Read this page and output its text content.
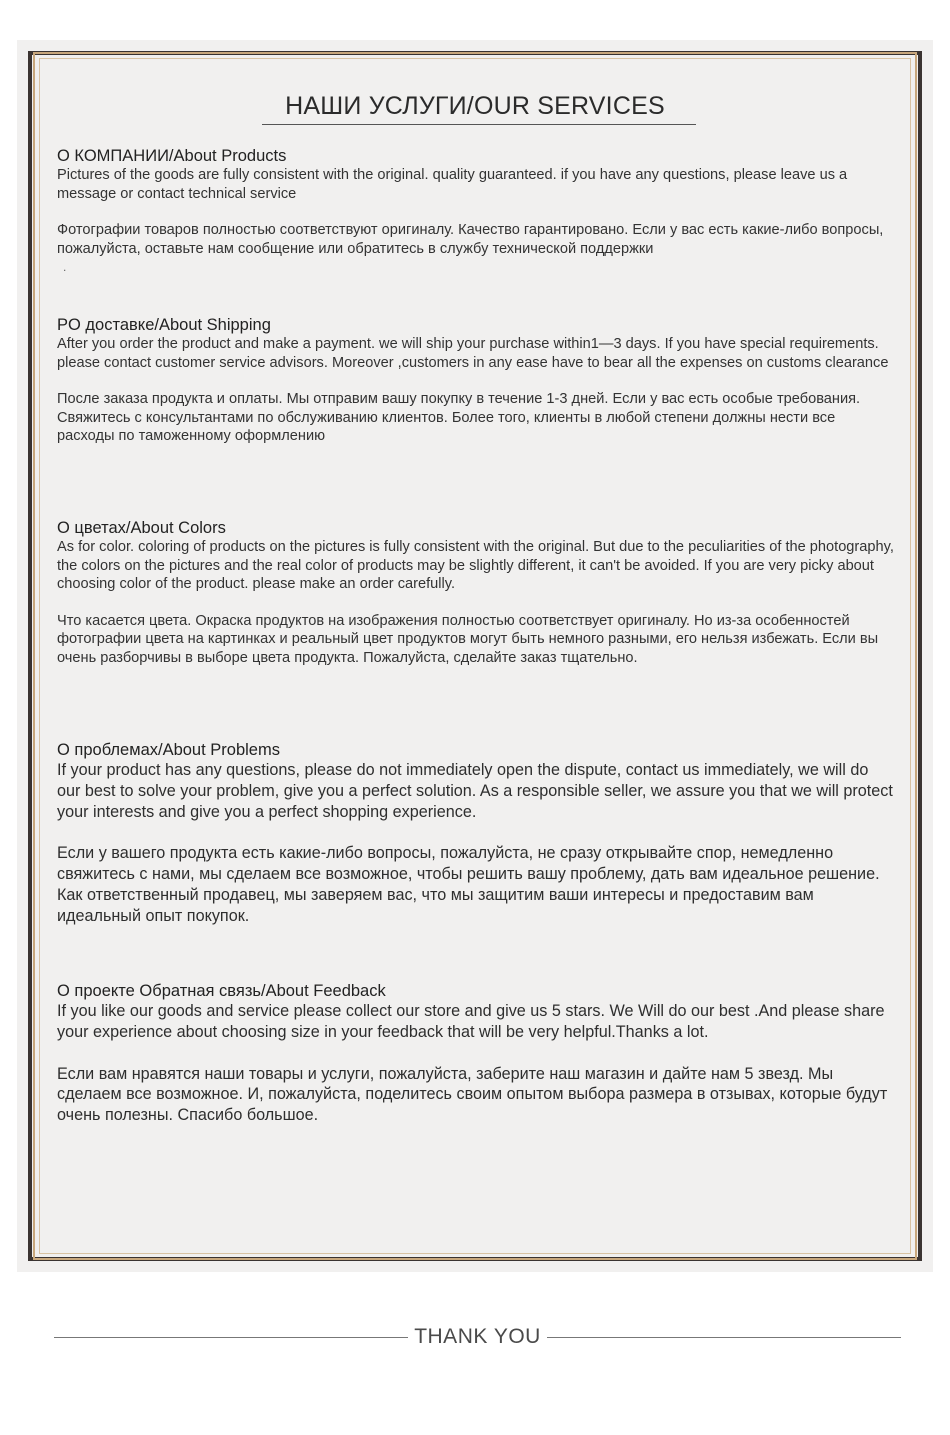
НАШИ УСЛУГИ/OUR SERVICES
О КОМПАНИИ/About Products
Pictures of the goods are fully consistent with the original. quality guaranteed. if you have any questions, please leave us a message or contact technical service
Фотографии товаров полностью соответствуют оригиналу. Качество гарантировано. Если у вас есть какие-либо вопросы, пожалуйста, оставьте нам сообщение или обратитесь в службу технической поддержки
.
PO доставке/About Shipping
After you order the product and make a payment. we will ship your purchase within1—3 days. If you have special requirements. please contact customer service advisors. Moreover ,customers in any ease have to bear all the expenses on customs clearance
После заказа продукта и оплаты. Мы отправим вашу покупку в течение 1-3 дней. Если у вас есть особые требования. Свяжитесь с консультантами по обслуживанию клиентов. Более того, клиенты в любой степени должны нести все расходы по таможенному оформлению
О цветах/About Colors
As for color. coloring of products on the pictures is fully consistent with the original. But due to the peculiarities of the photography, the colors on the pictures and the real color of products may be slightly different, it can't be avoided. If you are very picky about choosing color of the product. please make an order carefully.
Что касается цвета. Окраска продуктов на изображения полностью соответствует оригиналу. Но из-за особенностей фотографии цвета на картинках и реальный цвет продуктов могут быть немного разными, его нельзя избежать. Если вы очень разборчивы в выборе цвета продукта. Пожалуйста, сделайте заказ тщательно.
О проблемах/About Problems
If your product has any questions, please do not immediately open the dispute, contact us immediately, we will do our best to solve your problem, give you a perfect solution. As a responsible seller, we assure you that we will protect your interests and give you a perfect shopping experience.
Если у вашего продукта есть какие-либо вопросы, пожалуйста, не сразу открывайте спор, немедленно свяжитесь с нами, мы сделаем все возможное, чтобы решить вашу проблему, дать вам идеальное решение. Как ответственный продавец, мы заверяем вас, что мы защитим ваши интересы и предоставим вам идеальный опыт покупок.
О проекте Обратная связь/About Feedback
If you like our goods and service please collect our store and give us 5 stars. We Will do our best .And please share your experience about choosing size in your feedback that will be very helpful.Thanks a lot.
Если вам нравятся наши товары и услуги, пожалуйста, заберите наш магазин и дайте нам 5 звезд. Мы сделаем все возможное. И, пожалуйста, поделитесь своим опытом выбора размера в отзывах, которые будут очень полезны. Спасибо большое.
THANK YOU
